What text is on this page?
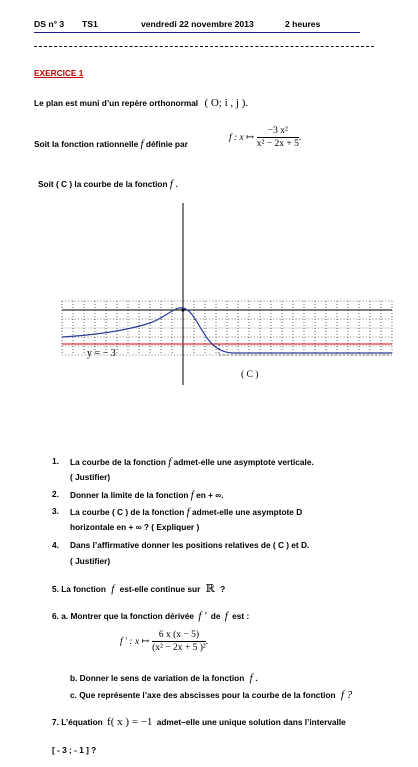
DS n° 3 TS1	vendredi 22 novembre 2013	2 heures
EXERCICE 1
Le plan est muni d’un repère orthonormal ( O; i , j ).
Soit la fonction rationnelle f définie par
f : x ↦ $\frac{\text{−3 x²}}{\text{x² − 2x + 5}}$ .
Soit ( C ) la courbe de la fonction f .
y = − 3
( C )
1. La courbe de la fonction f admet-elle une asymptote verticale.
( Justifier)
2. Donner la limite de la fonction f en + ∞.
3. La courbe ( C ) de la fonction f admet-elle une asymptote D
horizontale en + ∞ ? ( Expliquer )
4. Dans l’affirmative donner les positions relatives de ( C ) et D.
( Justifier)
5. La fonction f est-elle continue sur ℝ ?
6. a. Montrer que la fonction dérivée f ' de f est :
f ' : x ↦ $\frac{6 x (x - 5)}{\text{(x² − 2x + 5 )²}}$ .
b. Donner le sens de variation de la fonction f .
c. Que représente l’axe des abscisses pour la courbe de la fonction f ?
7. L’équation f( x ) = −1 admet–elle une unique solution dans l’intervalle
[ - 3 ; - 1 ] ?
